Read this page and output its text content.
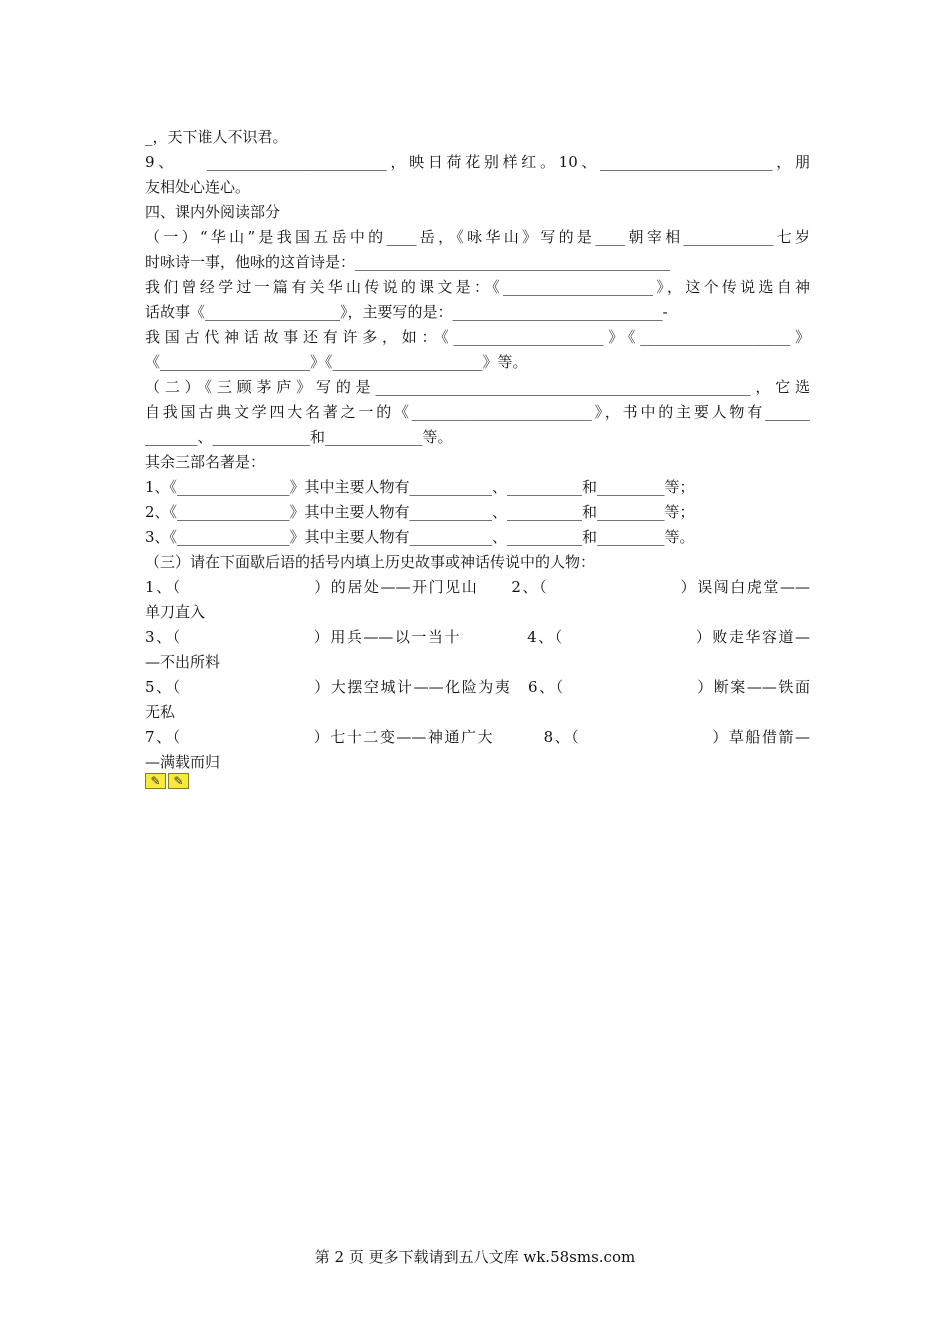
_，天下谁人不识君。
9、　　________________________，映日荷花别样红。10、_______________________，朋
友相处心连心。
四、课内外阅读部分
（一）“华山”是我国五岳中的____岳，《咏华山》写的是____朝宰相____________七岁
时咏诗一事，他咏的这首诗是：__________________________________________
我们曾经学过一篇有关华山传说的课文是：《____________________》，这个传说选自神
话故事《__________________》，主要写的是：____________________________-
我国古代神话故事还有许多，如：《____________________》《____________________》
《____________________》《____________________》等。
（二）《三顾茅庐》写的是__________________________________________________，它选
自我国古典文学四大名著之一的《________________________》，书中的主要人物有______
_______、_____________和_____________等。
其余三部名著是：
1、《_______________》其中主要人物有___________、__________和_________等；
2、《_______________》其中主要人物有___________、__________和_________等；
3、《_______________》其中主要人物有___________、__________和_________等。
（三）请在下面歇后语的括号内填上历史故事或神话传说中的人物：
1、（　　　　　　　　）的居处——开门见山　　2、（　　　　　　　　）误闯白虎堂——
单刀直入
3、（　　　　　　　　）用兵——以一当十　　　　4、（　　　　　　　　）败走华容道—
—不出所料
5、（　　　　　　　　）大摆空城计——化险为夷　6、（　　　　　　　　）断案——铁面
无私
7、（　　　　　　　　）七十二变——神通广大　　　8、（　　　　　　　　）草船借箭—
—满载而归
✎	✎
第 2 页 更多下载请到五八文库 wk.58sms.com
